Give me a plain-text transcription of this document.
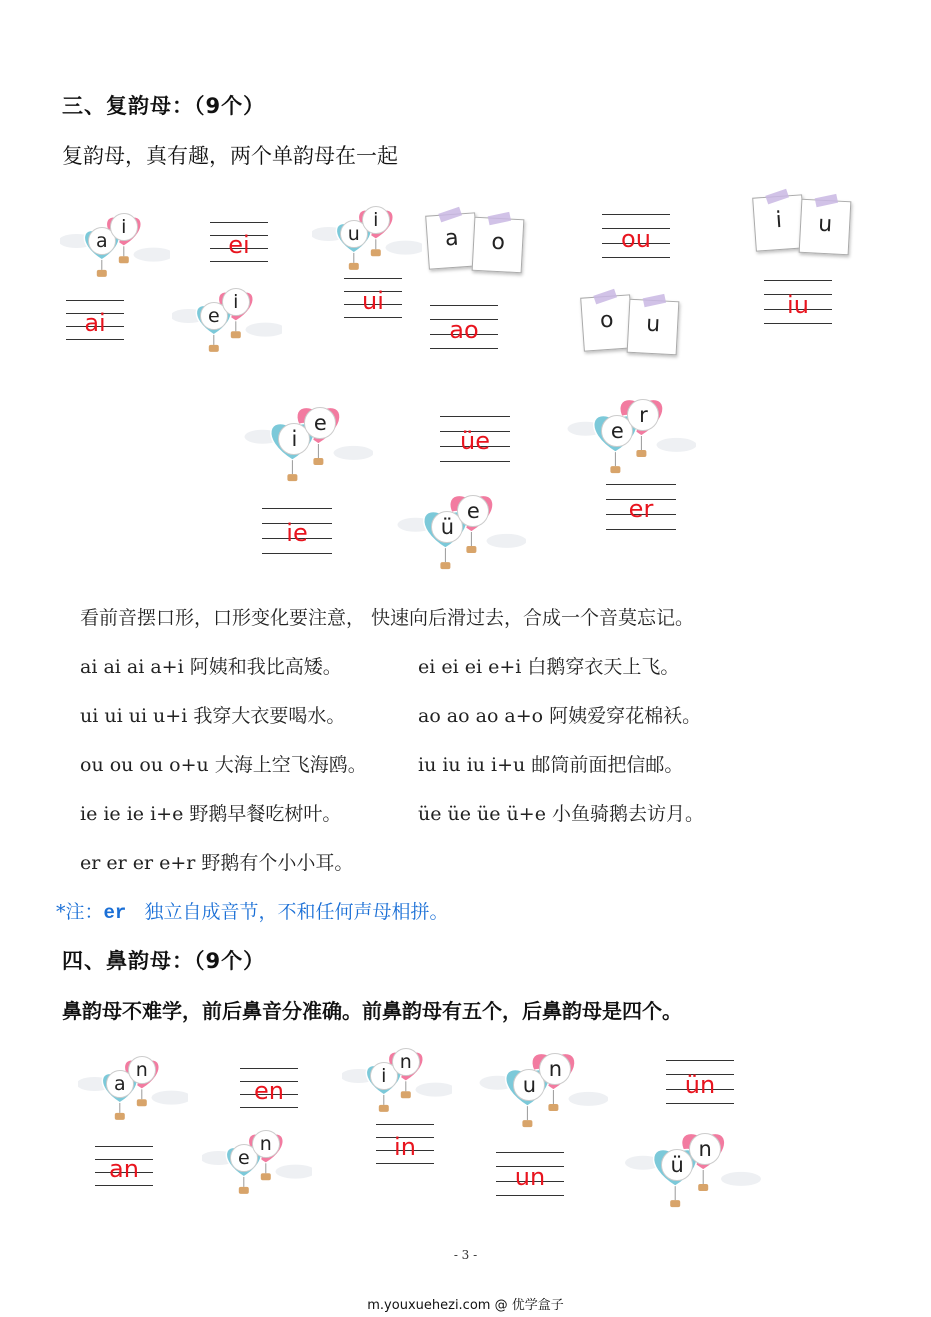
三、复韵母：（9个）
复韵母，真有趣，两个单韵母在一起
a
i
ai
ei
e
i
u
i
ui
a	o
ao
ou
o	u
i	u
iu
i
e
ie
üe
ü
e
e
r
er
看前音摆口形，口形变化要注意， 快速向后滑过去，合成一个音莫忘记。
ai ai ai a+i 阿姨和我比高矮。	ei ei ei e+i 白鹅穿衣天上飞。
ui ui ui u+i 我穿大衣要喝水。	ao ao ao a+o 阿姨爱穿花棉袄。
ou ou ou o+u 大海上空飞海鸥。	iu iu iu i+u 邮筒前面把信邮。
ie ie ie i+e 野鹅早餐吃树叶。	üe üe üe ü+e 小鱼骑鹅去访月。
er er er e+r 野鹅有个小小耳。
*注：er 独立自成音节，不和任何声母相拼。
四、鼻韵母：（9个）
鼻韵母不难学，前后鼻音分准确。前鼻韵母有五个，后鼻韵母是四个。
a
n
an
en
e
n
i
n
in
u
n
un
ün
ü
n
- 3 -
m.youxuehezi.com @ 优学盒子
